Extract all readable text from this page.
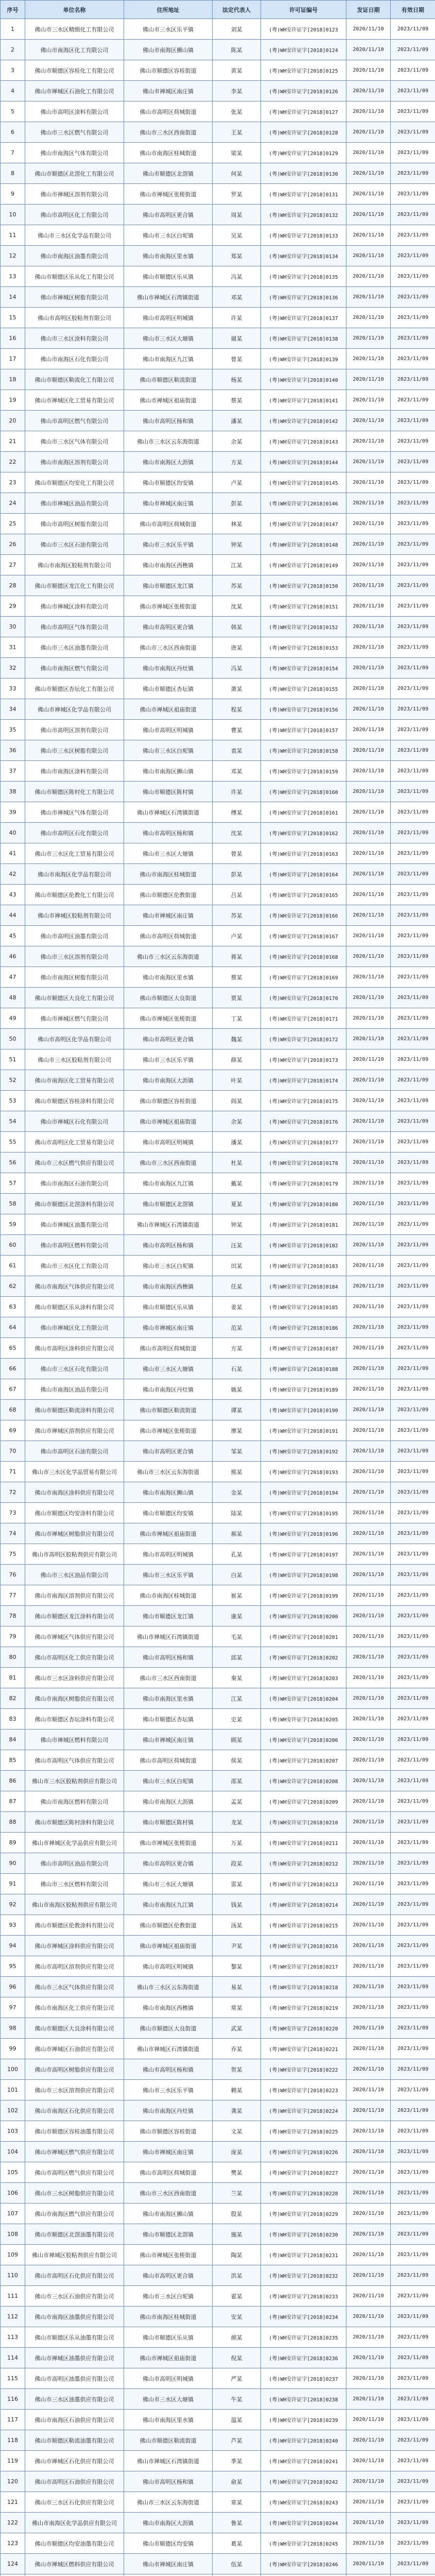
序号	单位名称	住所地址	法定代表人	许可证编号	发证日期	有效日期
1	佛山市三水区精细化工有限公司	佛山市三水区乐平镇	刘某	(粤)WH安许证字[2018]0123	2020/11/10	2023/11/09
2	佛山市南海区化工有限公司	佛山市南海区狮山镇	陈某	(粤)WH安许证字[2018]0124	2020/11/10	2023/11/09
3	佛山市顺德区容桂化工有限公司	佛山市顺德区容桂街道	黄某	(粤)WH安许证字[2018]0125	2020/11/10	2023/11/09
4	佛山市禅城区石油化工有限公司	佛山市禅城区南庄镇	李某	(粤)WH安许证字[2018]0126	2020/11/10	2023/11/09
5	佛山市高明区涂料有限公司	佛山市高明区荷城街道	张某	(粤)WH安许证字[2018]0127	2020/11/10	2023/11/09
6	佛山市三水区燃气有限公司	佛山市三水区西南街道	王某	(粤)WH安许证字[2018]0128	2020/11/10	2023/11/09
7	佛山市南海区气体有限公司	佛山市南海区桂城街道	梁某	(粤)WH安许证字[2018]0129	2020/11/10	2023/11/09
8	佛山市顺德区北滘化工有限公司	佛山市顺德区北滘镇	何某	(粤)WH安许证字[2018]0130	2020/11/10	2023/11/09
9	佛山市禅城区溶剂有限公司	佛山市禅城区张槎街道	罗某	(粤)WH安许证字[2018]0131	2020/11/10	2023/11/09
10	佛山市高明区化工有限公司	佛山市高明区更合镇	周某	(粤)WH安许证字[2018]0132	2020/11/10	2023/11/09
11	佛山市三水区化学品有限公司	佛山市三水区白坭镇	吴某	(粤)WH安许证字[2018]0133	2020/11/10	2023/11/09
12	佛山市南海区油墨有限公司	佛山市南海区里水镇	郑某	(粤)WH安许证字[2018]0134	2020/11/10	2023/11/09
13	佛山市顺德区乐从化工有限公司	佛山市顺德区乐从镇	冯某	(粤)WH安许证字[2018]0135	2020/11/10	2023/11/09
14	佛山市禅城区树脂有限公司	佛山市禅城区石湾镇街道	邓某	(粤)WH安许证字[2018]0136	2020/11/10	2023/11/09
15	佛山市高明区胶粘剂有限公司	佛山市高明区明城镇	许某	(粤)WH安许证字[2018]0137	2020/11/10	2023/11/09
16	佛山市三水区涂料有限公司	佛山市三水区大塘镇	谢某	(粤)WH安许证字[2018]0138	2020/11/10	2023/11/09
17	佛山市南海区石化有限公司	佛山市南海区九江镇	曾某	(粤)WH安许证字[2018]0139	2020/11/10	2023/11/09
18	佛山市顺德区勒流化工有限公司	佛山市顺德区勒流街道	杨某	(粤)WH安许证字[2018]0140	2020/11/10	2023/11/09
19	佛山市禅城区化工贸易有限公司	佛山市禅城区祖庙街道	蔡某	(粤)WH安许证字[2018]0141	2020/11/10	2023/11/09
20	佛山市高明区燃气有限公司	佛山市高明区杨和镇	潘某	(粤)WH安许证字[2018]0142	2020/11/10	2023/11/09
21	佛山市三水区气体有限公司	佛山市三水区云东海街道	余某	(粤)WH安许证字[2018]0143	2020/11/10	2023/11/09
22	佛山市南海区溶剂有限公司	佛山市南海区大沥镇	方某	(粤)WH安许证字[2018]0144	2020/11/10	2023/11/09
23	佛山市顺德区均安化工有限公司	佛山市顺德区均安镇	卢某	(粤)WH安许证字[2018]0145	2020/11/10	2023/11/09
24	佛山市禅城区油品有限公司	佛山市禅城区南庄镇	彭某	(粤)WH安许证字[2018]0146	2020/11/10	2023/11/09
25	佛山市高明区树脂有限公司	佛山市高明区荷城街道	林某	(粤)WH安许证字[2018]0147	2020/11/10	2023/11/09
26	佛山市三水区石油有限公司	佛山市三水区乐平镇	钟某	(粤)WH安许证字[2018]0148	2020/11/10	2023/11/09
27	佛山市南海区胶粘剂有限公司	佛山市南海区西樵镇	江某	(粤)WH安许证字[2018]0149	2020/11/10	2023/11/09
28	佛山市顺德区龙江化工有限公司	佛山市顺德区龙江镇	苏某	(粤)WH安许证字[2018]0150	2020/11/10	2023/11/09
29	佛山市禅城区涂料有限公司	佛山市禅城区张槎街道	沈某	(粤)WH安许证字[2018]0151	2020/11/10	2023/11/09
30	佛山市高明区气体有限公司	佛山市高明区更合镇	韩某	(粤)WH安许证字[2018]0152	2020/11/10	2023/11/09
31	佛山市三水区油墨有限公司	佛山市三水区西南街道	唐某	(粤)WH安许证字[2018]0153	2020/11/10	2023/11/09
32	佛山市南海区燃气有限公司	佛山市南海区丹灶镇	冯某	(粤)WH安许证字[2018]0154	2020/11/10	2023/11/09
33	佛山市顺德区杏坛化工有限公司	佛山市顺德区杏坛镇	萧某	(粤)WH安许证字[2018]0155	2020/11/10	2023/11/09
34	佛山市禅城区化学品有限公司	佛山市禅城区祖庙街道	程某	(粤)WH安许证字[2018]0156	2020/11/10	2023/11/09
35	佛山市高明区溶剂有限公司	佛山市高明区明城镇	曹某	(粤)WH安许证字[2018]0157	2020/11/10	2023/11/09
36	佛山市三水区树脂有限公司	佛山市三水区白坭镇	袁某	(粤)WH安许证字[2018]0158	2020/11/10	2023/11/09
37	佛山市南海区涂料有限公司	佛山市南海区狮山镇	邓某	(粤)WH安许证字[2018]0159	2020/11/10	2023/11/09
38	佛山市顺德区陈村化工有限公司	佛山市顺德区陈村镇	许某	(粤)WH安许证字[2018]0160	2020/11/10	2023/11/09
39	佛山市禅城区气体有限公司	佛山市禅城区石湾镇街道	傅某	(粤)WH安许证字[2018]0161	2020/11/10	2023/11/09
40	佛山市高明区石化有限公司	佛山市高明区杨和镇	沈某	(粤)WH安许证字[2018]0162	2020/11/10	2023/11/09
41	佛山市三水区化工贸易有限公司	佛山市三水区大塘镇	曾某	(粤)WH安许证字[2018]0163	2020/11/10	2023/11/09
42	佛山市南海区化学品有限公司	佛山市南海区桂城街道	彭某	(粤)WH安许证字[2018]0164	2020/11/10	2023/11/09
43	佛山市顺德区伦教化工有限公司	佛山市顺德区伦教街道	吕某	(粤)WH安许证字[2018]0165	2020/11/10	2023/11/09
44	佛山市禅城区胶粘剂有限公司	佛山市禅城区南庄镇	苏某	(粤)WH安许证字[2018]0166	2020/11/10	2023/11/09
45	佛山市高明区油墨有限公司	佛山市高明区荷城街道	卢某	(粤)WH安许证字[2018]0167	2020/11/10	2023/11/09
46	佛山市三水区溶剂有限公司	佛山市三水区云东海街道	蒋某	(粤)WH安许证字[2018]0168	2020/11/10	2023/11/09
47	佛山市南海区树脂有限公司	佛山市南海区里水镇	蔡某	(粤)WH安许证字[2018]0169	2020/11/10	2023/11/09
48	佛山市顺德区大良化工有限公司	佛山市顺德区大良街道	贾某	(粤)WH安许证字[2018]0170	2020/11/10	2023/11/09
49	佛山市禅城区燃气有限公司	佛山市禅城区张槎街道	丁某	(粤)WH安许证字[2018]0171	2020/11/10	2023/11/09
50	佛山市高明区化学品有限公司	佛山市高明区更合镇	魏某	(粤)WH安许证字[2018]0172	2020/11/10	2023/11/09
51	佛山市三水区胶粘剂有限公司	佛山市三水区乐平镇	薛某	(粤)WH安许证字[2018]0173	2020/11/10	2023/11/09
52	佛山市南海区化工贸易有限公司	佛山市南海区大沥镇	叶某	(粤)WH安许证字[2018]0174	2020/11/10	2023/11/09
53	佛山市顺德区容桂涂料有限公司	佛山市顺德区容桂街道	阎某	(粤)WH安许证字[2018]0175	2020/11/10	2023/11/09
54	佛山市禅城区石化有限公司	佛山市禅城区祖庙街道	余某	(粤)WH安许证字[2018]0176	2020/11/10	2023/11/09
55	佛山市高明区化工贸易有限公司	佛山市高明区明城镇	潘某	(粤)WH安许证字[2018]0177	2020/11/10	2023/11/09
56	佛山市三水区燃气供应有限公司	佛山市三水区西南街道	杜某	(粤)WH安许证字[2018]0178	2020/11/10	2023/11/09
57	佛山市南海区石油有限公司	佛山市南海区九江镇	戴某	(粤)WH安许证字[2018]0179	2020/11/10	2023/11/09
58	佛山市顺德区北滘涂料有限公司	佛山市顺德区北滘镇	夏某	(粤)WH安许证字[2018]0180	2020/11/10	2023/11/09
59	佛山市禅城区油墨有限公司	佛山市禅城区石湾镇街道	钟某	(粤)WH安许证字[2018]0181	2020/11/10	2023/11/09
60	佛山市高明区燃料有限公司	佛山市高明区杨和镇	汪某	(粤)WH安许证字[2018]0182	2020/11/10	2023/11/09
61	佛山市三水区化工有限公司	佛山市三水区白坭镇	田某	(粤)WH安许证字[2018]0183	2020/11/10	2023/11/09
62	佛山市南海区气体供应有限公司	佛山市南海区西樵镇	任某	(粤)WH安许证字[2018]0184	2020/11/10	2023/11/09
63	佛山市顺德区乐从涂料有限公司	佛山市顺德区乐从镇	姜某	(粤)WH安许证字[2018]0185	2020/11/10	2023/11/09
64	佛山市禅城区化工有限公司	佛山市禅城区南庄镇	范某	(粤)WH安许证字[2018]0186	2020/11/10	2023/11/09
65	佛山市高明区涂料供应有限公司	佛山市高明区荷城街道	方某	(粤)WH安许证字[2018]0187	2020/11/10	2023/11/09
66	佛山市三水区石化有限公司	佛山市三水区大塘镇	石某	(粤)WH安许证字[2018]0188	2020/11/10	2023/11/09
67	佛山市南海区油品有限公司	佛山市南海区丹灶镇	姚某	(粤)WH安许证字[2018]0189	2020/11/10	2023/11/09
68	佛山市顺德区勒流涂料有限公司	佛山市顺德区勒流街道	谭某	(粤)WH安许证字[2018]0190	2020/11/10	2023/11/09
69	佛山市禅城区溶剂供应有限公司	佛山市禅城区张槎街道	廖某	(粤)WH安许证字[2018]0191	2020/11/10	2023/11/09
70	佛山市高明区石油有限公司	佛山市高明区更合镇	邹某	(粤)WH安许证字[2018]0192	2020/11/10	2023/11/09
71	佛山市三水区化学品贸易有限公司	佛山市三水区云东海街道	熊某	(粤)WH安许证字[2018]0193	2020/11/10	2023/11/09
72	佛山市南海区涂料供应有限公司	佛山市南海区狮山镇	金某	(粤)WH安许证字[2018]0194	2020/11/10	2023/11/09
73	佛山市顺德区均安涂料有限公司	佛山市顺德区均安镇	陆某	(粤)WH安许证字[2018]0195	2020/11/10	2023/11/09
74	佛山市禅城区树脂供应有限公司	佛山市禅城区祖庙街道	郝某	(粤)WH安许证字[2018]0196	2020/11/10	2023/11/09
75	佛山市高明区胶粘剂供应有限公司	佛山市高明区明城镇	孔某	(粤)WH安许证字[2018]0197	2020/11/10	2023/11/09
76	佛山市三水区油品有限公司	佛山市三水区乐平镇	白某	(粤)WH安许证字[2018]0198	2020/11/10	2023/11/09
77	佛山市南海区溶剂供应有限公司	佛山市南海区桂城街道	崔某	(粤)WH安许证字[2018]0199	2020/11/10	2023/11/09
78	佛山市顺德区龙江涂料有限公司	佛山市顺德区龙江镇	康某	(粤)WH安许证字[2018]0200	2020/11/10	2023/11/09
79	佛山市禅城区气体供应有限公司	佛山市禅城区石湾镇街道	毛某	(粤)WH安许证字[2018]0201	2020/11/10	2023/11/09
80	佛山市高明区化工供应有限公司	佛山市高明区杨和镇	邱某	(粤)WH安许证字[2018]0202	2020/11/10	2023/11/09
81	佛山市三水区涂料供应有限公司	佛山市三水区西南街道	秦某	(粤)WH安许证字[2018]0203	2020/11/10	2023/11/09
82	佛山市南海区树脂供应有限公司	佛山市南海区里水镇	江某	(粤)WH安许证字[2018]0204	2020/11/10	2023/11/09
83	佛山市顺德区杏坛涂料有限公司	佛山市顺德区杏坛镇	史某	(粤)WH安许证字[2018]0205	2020/11/10	2023/11/09
84	佛山市禅城区燃料有限公司	佛山市禅城区南庄镇	顾某	(粤)WH安许证字[2018]0206	2020/11/10	2023/11/09
85	佛山市高明区气体供应有限公司	佛山市高明区荷城街道	侯某	(粤)WH安许证字[2018]0207	2020/11/10	2023/11/09
86	佛山市三水区胶粘剂供应有限公司	佛山市三水区白坭镇	邵某	(粤)WH安许证字[2018]0208	2020/11/10	2023/11/09
87	佛山市南海区燃料有限公司	佛山市南海区大沥镇	孟某	(粤)WH安许证字[2018]0209	2020/11/10	2023/11/09
88	佛山市顺德区陈村涂料有限公司	佛山市顺德区陈村镇	龙某	(粤)WH安许证字[2018]0210	2020/11/10	2023/11/09
89	佛山市禅城区化学品供应有限公司	佛山市禅城区张槎街道	万某	(粤)WH安许证字[2018]0211	2020/11/10	2023/11/09
90	佛山市高明区油品有限公司	佛山市高明区更合镇	段某	(粤)WH安许证字[2018]0212	2020/11/10	2023/11/09
91	佛山市三水区燃料有限公司	佛山市三水区大塘镇	雷某	(粤)WH安许证字[2018]0213	2020/11/10	2023/11/09
92	佛山市南海区胶粘剂供应有限公司	佛山市南海区九江镇	钱某	(粤)WH安许证字[2018]0214	2020/11/10	2023/11/09
93	佛山市顺德区伦教涂料有限公司	佛山市顺德区伦教街道	汤某	(粤)WH安许证字[2018]0215	2020/11/10	2023/11/09
94	佛山市禅城区涂料供应有限公司	佛山市禅城区祖庙街道	尹某	(粤)WH安许证字[2018]0216	2020/11/10	2023/11/09
95	佛山市高明区溶剂供应有限公司	佛山市高明区明城镇	黎某	(粤)WH安许证字[2018]0217	2020/11/10	2023/11/09
96	佛山市三水区气体供应有限公司	佛山市三水区云东海街道	易某	(粤)WH安许证字[2018]0218	2020/11/10	2023/11/09
97	佛山市南海区化工供应有限公司	佛山市南海区西樵镇	常某	(粤)WH安许证字[2018]0219	2020/11/10	2023/11/09
98	佛山市顺德区大良涂料有限公司	佛山市顺德区大良街道	武某	(粤)WH安许证字[2018]0220	2020/11/10	2023/11/09
99	佛山市禅城区石油供应有限公司	佛山市禅城区石湾镇街道	乔某	(粤)WH安许证字[2018]0221	2020/11/10	2023/11/09
100	佛山市高明区树脂供应有限公司	佛山市高明区杨和镇	贺某	(粤)WH安许证字[2018]0222	2020/11/10	2023/11/09
101	佛山市三水区溶剂供应有限公司	佛山市三水区乐平镇	赖某	(粤)WH安许证字[2018]0223	2020/11/10	2023/11/09
102	佛山市南海区石化供应有限公司	佛山市南海区丹灶镇	龚某	(粤)WH安许证字[2018]0224	2020/11/10	2023/11/09
103	佛山市顺德区容桂油墨有限公司	佛山市顺德区容桂街道	文某	(粤)WH安许证字[2018]0225	2020/11/10	2023/11/09
104	佛山市禅城区燃气供应有限公司	佛山市禅城区南庄镇	庞某	(粤)WH安许证字[2018]0226	2020/11/10	2023/11/09
105	佛山市高明区燃气供应有限公司	佛山市高明区荷城街道	樊某	(粤)WH安许证字[2018]0227	2020/11/10	2023/11/09
106	佛山市三水区树脂供应有限公司	佛山市三水区西南街道	兰某	(粤)WH安许证字[2018]0228	2020/11/10	2023/11/09
107	佛山市南海区燃气供应有限公司	佛山市南海区狮山镇	殷某	(粤)WH安许证字[2018]0229	2020/11/10	2023/11/09
108	佛山市顺德区北滘油墨有限公司	佛山市顺德区北滘镇	施某	(粤)WH安许证字[2018]0230	2020/11/10	2023/11/09
109	佛山市禅城区胶粘剂供应有限公司	佛山市禅城区张槎街道	陶某	(粤)WH安许证字[2018]0231	2020/11/10	2023/11/09
110	佛山市高明区石化供应有限公司	佛山市高明区更合镇	洪某	(粤)WH安许证字[2018]0232	2020/11/10	2023/11/09
111	佛山市三水区石油供应有限公司	佛山市三水区白坭镇	翟某	(粤)WH安许证字[2018]0233	2020/11/10	2023/11/09
112	佛山市南海区油墨供应有限公司	佛山市南海区桂城街道	安某	(粤)WH安许证字[2018]0234	2020/11/10	2023/11/09
113	佛山市顺德区乐从油墨有限公司	佛山市顺德区乐从镇	颜某	(粤)WH安许证字[2018]0235	2020/11/10	2023/11/09
114	佛山市禅城区油墨供应有限公司	佛山市禅城区祖庙街道	倪某	(粤)WH安许证字[2018]0236	2020/11/10	2023/11/09
115	佛山市高明区油墨供应有限公司	佛山市高明区明城镇	严某	(粤)WH安许证字[2018]0237	2020/11/10	2023/11/09
116	佛山市三水区油墨供应有限公司	佛山市三水区大塘镇	牛某	(粤)WH安许证字[2018]0238	2020/11/10	2023/11/09
117	佛山市南海区石油供应有限公司	佛山市南海区里水镇	温某	(粤)WH安许证字[2018]0239	2020/11/10	2023/11/09
118	佛山市顺德区勒流油墨有限公司	佛山市顺德区勒流街道	芦某	(粤)WH安许证字[2018]0240	2020/11/10	2023/11/09
119	佛山市禅城区石化供应有限公司	佛山市禅城区石湾镇街道	季某	(粤)WH安许证字[2018]0241	2020/11/10	2023/11/09
120	佛山市高明区石油供应有限公司	佛山市高明区杨和镇	俞某	(粤)WH安许证字[2018]0242	2020/11/10	2023/11/09
121	佛山市三水区石化供应有限公司	佛山市三水区云东海街道	章某	(粤)WH安许证字[2018]0243	2020/11/10	2023/11/09
122	佛山市南海区化学品供应有限公司	佛山市南海区大沥镇	鲁某	(粤)WH安许证字[2018]0244	2020/11/10	2023/11/09
123	佛山市顺德区均安油墨有限公司	佛山市顺德区均安镇	葛某	(粤)WH安许证字[2018]0245	2020/11/10	2023/11/09
124	佛山市禅城区燃料供应有限公司	佛山市禅城区南庄镇	伍某	(粤)WH安许证字[2018]0246	2020/11/10	2023/11/09
